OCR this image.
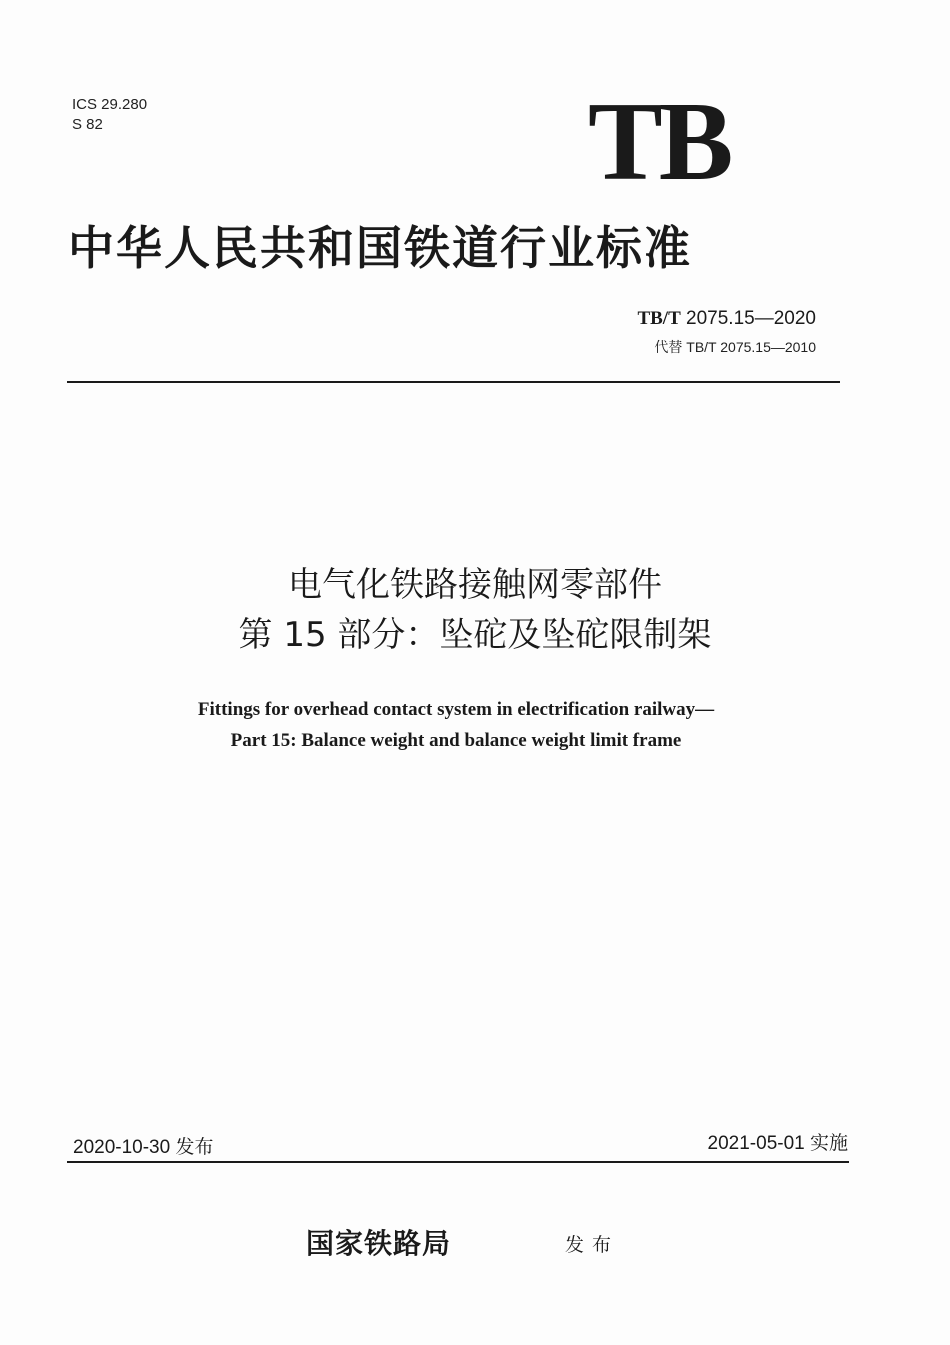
ICS 29.280
S 82	TB
中华人民共和国铁道行业标准
TB/T 2075.15—2020
代替 TB/T 2075.15—2010
电气化铁路接触网零部件
第 15 部分：坠砣及坠砣限制架
Fittings for overhead contact system in electrification railway—
Part 15: Balance weight and balance weight limit frame
2020-10-30 发布	2021-05-01 实施
国家铁路局	发布
